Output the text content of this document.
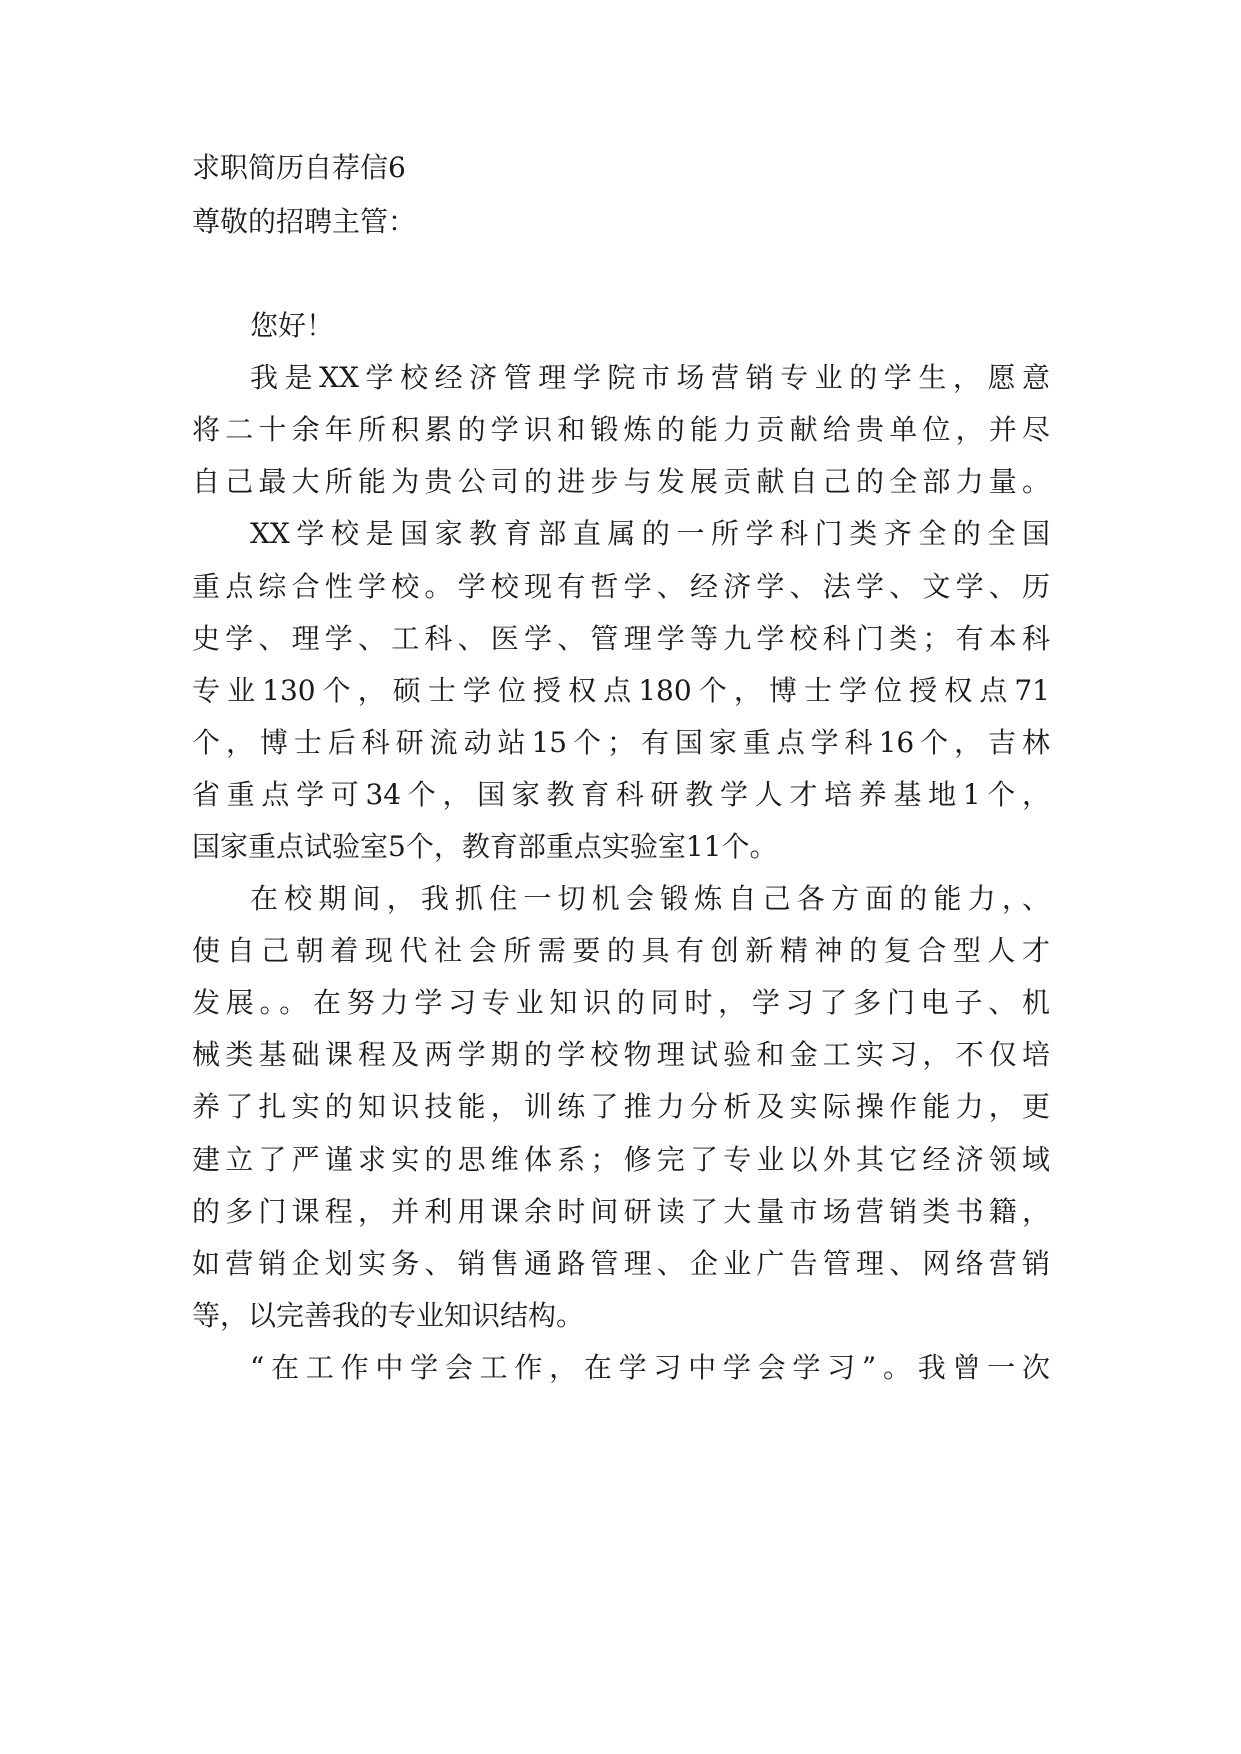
求职简历自荐信6
尊敬的招聘主管：
您好！
我是XX学校经济管理学院市场营销专业的学生，愿意
将二十余年所积累的学识和锻炼的能力贡献给贵单位，并尽
自己最大所能为贵公司的进步与发展贡献自己的全部力量。
XX学校是国家教育部直属的一所学科门类齐全的全国
重点综合性学校。学校现有哲学、经济学、法学、文学、历
史学、理学、工科、医学、管理学等九学校科门类；有本科
专业130个，硕士学位授权点180个，博士学位授权点71
个，博士后科研流动站15个；有国家重点学科16个，吉林
省重点学可34个，国家教育科研教学人才培养基地1个，
国家重点试验室5个，教育部重点实验室11个。
在校期间，我抓住一切机会锻炼自己各方面的能力，、
使自己朝着现代社会所需要的具有创新精神的复合型人才
发展。。在努力学习专业知识的同时，学习了多门电子、机
械类基础课程及两学期的学校物理试验和金工实习，不仅培
养了扎实的知识技能，训练了推力分析及实际操作能力，更
建立了严谨求实的思维体系；修完了专业以外其它经济领域
的多门课程，并利用课余时间研读了大量市场营销类书籍，
如营销企划实务、销售通路管理、企业广告管理、网络营销
等，以完善我的专业知识结构。
“在工作中学会工作，在学习中学会学习”。我曾一次
